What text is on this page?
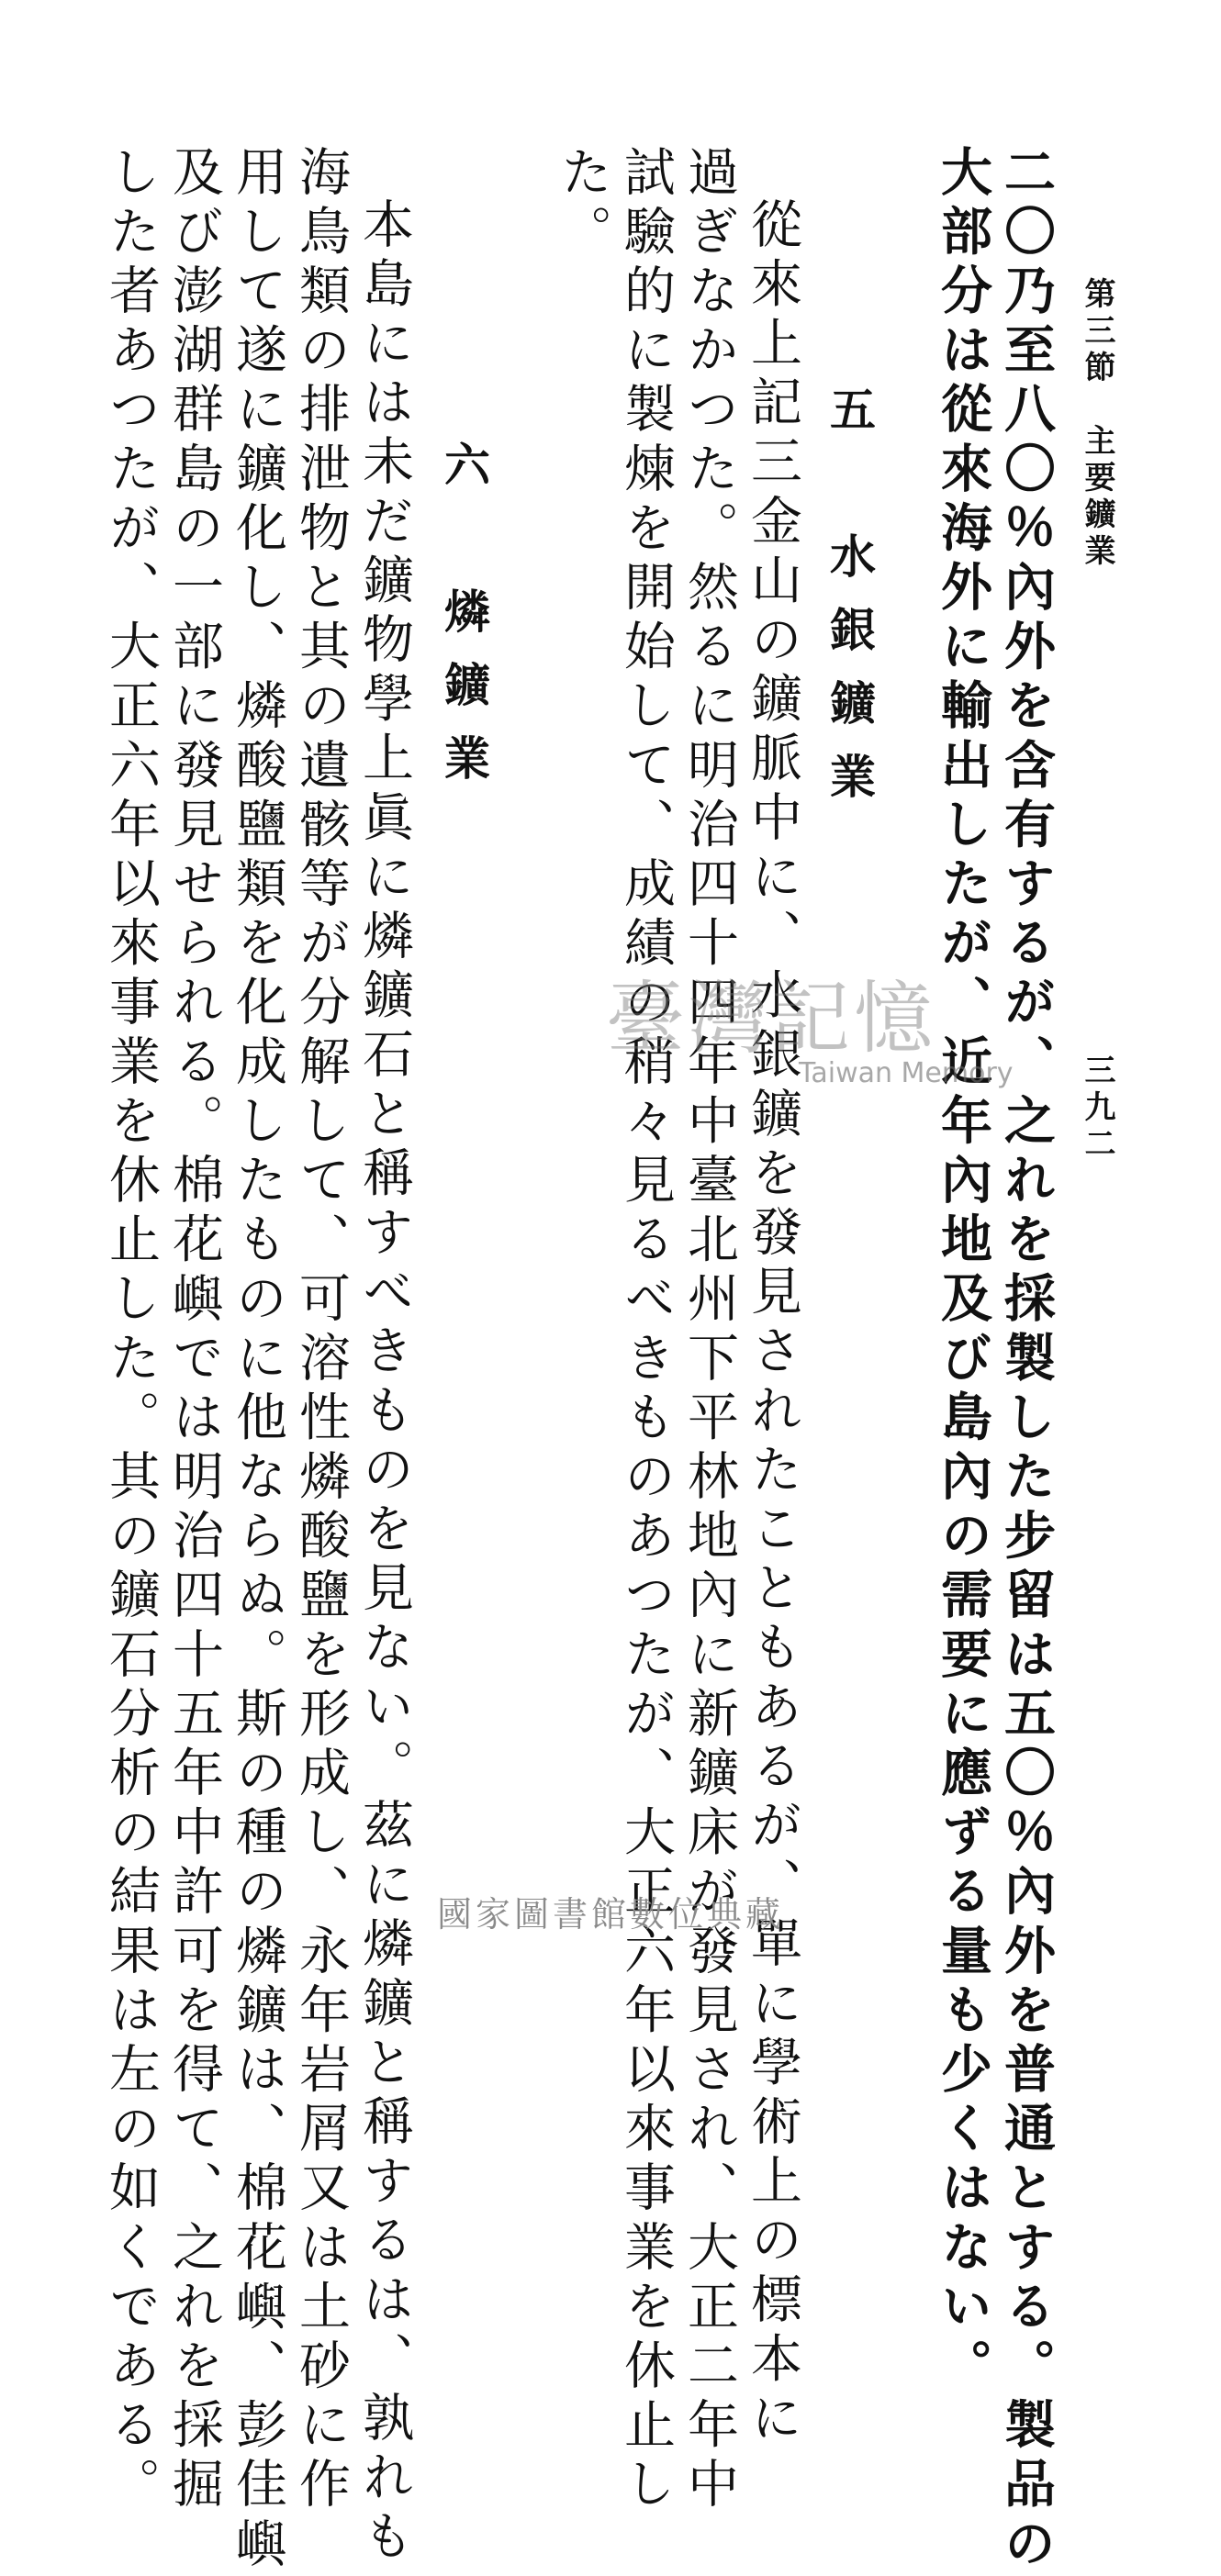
第三節　主要鑛業
三九二
二〇乃至八〇％內外を含有するが、之れを採製した步留は五〇％內外を普通とする。製品の
大部分は從來海外に輸出したが、近年內地及び島內の需要に應ずる量も少くはない。
五　水銀鑛業
從來上記三金山の鑛脈中に、水銀鑛を發見されたこともあるが、單に學術上の標本に
過ぎなかつた。然るに明治四十四年中臺北州下平林地內に新鑛床が發見され、大正二年中
試驗的に製煉を開始して、成績の稍々見るべきものあつたが、大正六年以來事業を休止し
た。
六　燐鑛業
本島には未だ鑛物學上眞に燐鑛石と稱すべきものを見ない。茲に燐鑛と稱するは、孰れも
海鳥類の排泄物と其の遺骸等が分解して、可溶性燐酸鹽を形成し、永年岩屑又は土砂に作
用して遂に鑛化し、燐酸鹽類を化成したものに他ならぬ。斯の種の燐鑛は、棉花嶼、彭佳嶼
及び澎湖群島の一部に發見せられる。棉花嶼では明治四十五年中許可を得て、之れを採掘
した者あつたが、大正六年以來事業を休止した。其の鑛石分析の結果は左の如くである。	臺灣記憶
Taiwan Memory
國家圖書館數位典藏
